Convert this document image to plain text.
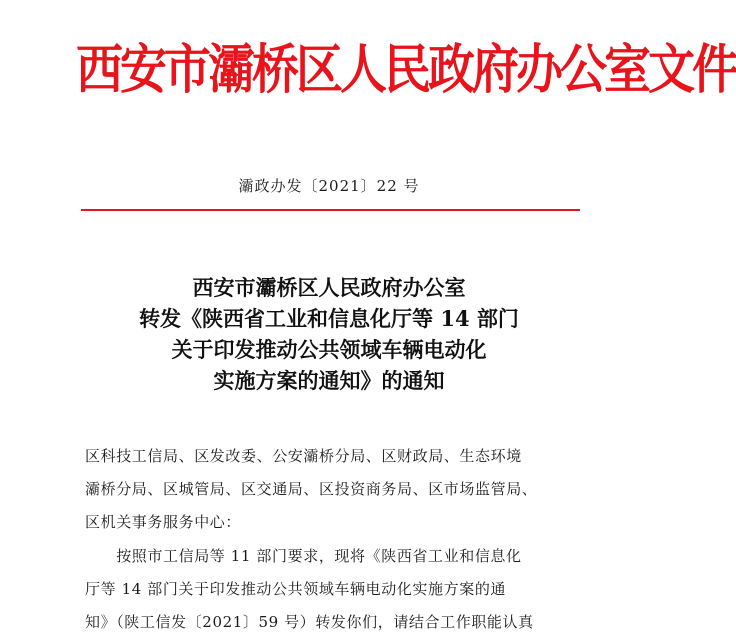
西安市灞桥区人民政府办公室文件
灞政办发〔2021〕22 号
西安市灞桥区人民政府办公室
转发《陕西省工业和信息化厅等 14 部门
关于印发推动公共领域车辆电动化
实施方案的通知》的通知
区科技工信局、区发改委、公安灞桥分局、区财政局、生态环境
灞桥分局、区城管局、区交通局、区投资商务局、区市场监管局、
区机关事务服务中心：
　　按照市工信局等 11 部门要求，现将《陕西省工业和信息化
厅等 14 部门关于印发推动公共领域车辆电动化实施方案的通
知》（陕工信发〔2021〕59 号）转发你们，请结合工作职能认真
